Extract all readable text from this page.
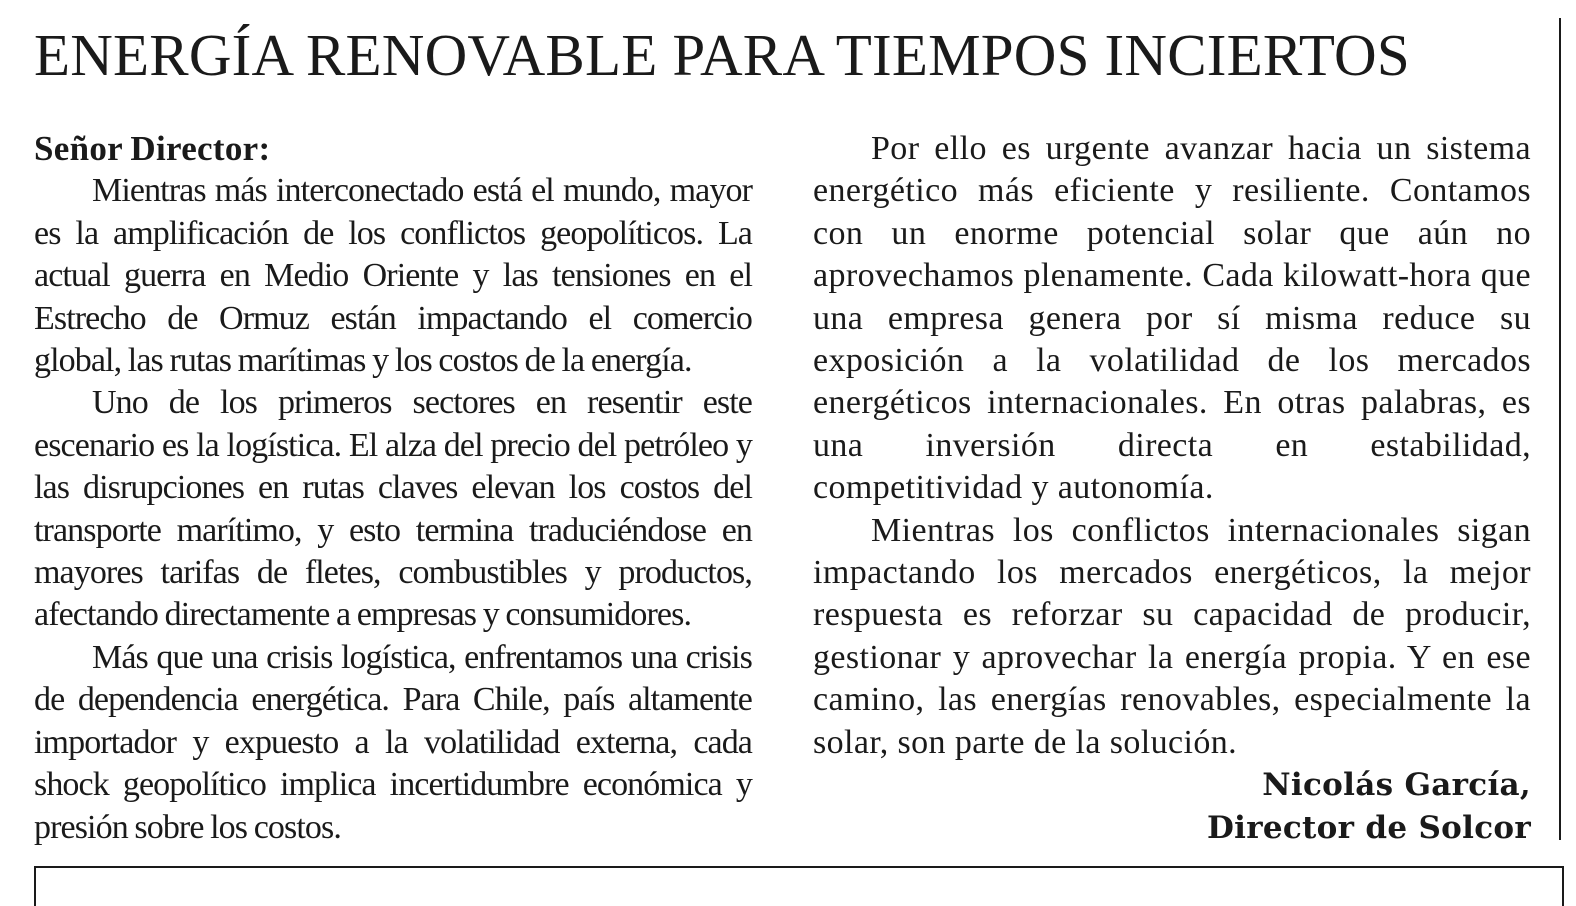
ENERGÍA RENOVABLE PARA TIEMPOS INCIERTOS

Señor Director:

Mientras más interconectado está el mundo, mayor es la amplificación de los conflictos geopolíticos. La actual guerra en Medio Oriente y las tensiones en el Estrecho de Ormuz están impactando el comercio global, las rutas marítimas y los costos de la energía.

Uno de los primeros sectores en resentir este escenario es la logística. El alza del precio del petróleo y las disrupciones en rutas claves elevan los costos del transporte marítimo, y esto termina traduciéndose en mayores tarifas de fletes, combustibles y productos, afectando directamente a empresas y consumidores.

Más que una crisis logística, enfrentamos una crisis de dependencia energética. Para Chile, país altamente importador y expuesto a la volatilidad externa, cada shock geopolítico implica incertidumbre económica y presión sobre los costos.

Por ello es urgente avanzar hacia un sistema energético más eficiente y resiliente. Contamos con un enorme potencial solar que aún no aprovechamos plenamente. Cada kilowatt-hora que una empresa genera por sí misma reduce su exposición a la volatilidad de los mercados energéticos internacionales. En otras palabras, es una inversión directa en estabilidad, competitividad y autonomía.

Mientras los conflictos internacionales sigan impactando los mercados energéticos, la mejor respuesta es reforzar su capacidad de producir, gestionar y aprovechar la energía propia. Y en ese camino, las energías renovables, especialmente la solar, son parte de la solución.

Nicolás García,

Director de Solcor
